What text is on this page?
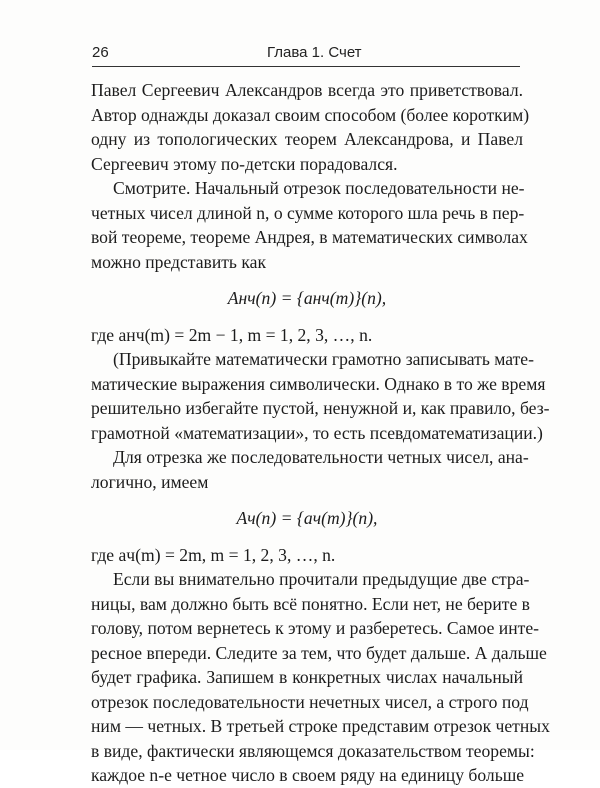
26	Глава 1. Счет
Павел Сергеевич Александров всегда это приветствовал.
Автор однажды доказал своим способом (более коротким)
одну из топологических теорем Александрова, и Павел
Сергеевич этому по-детски порадовался.
Смотрите. Начальный отрезок последовательности не-
четных чисел длиной n, о сумме которого шла речь в пер-
вой теореме, теореме Андрея, в математических символах
можно представить как
Aнч(n) = {aнч(m)}(n),
где aнч(m) = 2m − 1, m = 1, 2, 3, …, n.
(Привыкайте математически грамотно записывать мате-
матические выражения символически. Однако в то же время
решительно избегайте пустой, ненужной и, как правило, без-
грамотной «математизации», то есть псевдоматематизации.)
Для отрезка же последовательности четных чисел, ана-
логично, имеем
Aч(n) = {aч(m)}(n),
где aч(m) = 2m, m = 1, 2, 3, …, n.
Если вы внимательно прочитали предыдущие две стра-
ницы, вам должно быть всё понятно. Если нет, не берите в
голову, потом вернетесь к этому и разберетесь. Самое инте-
ресное впереди. Следите за тем, что будет дальше. А дальше
будет графика. Запишем в конкретных числах начальный
отрезок последовательности нечетных чисел, а строго под
ним — четных. В третьей строке представим отрезок четных
в виде, фактически являющемся доказательством теоремы:
каждое n-е четное число в своем ряду на единицу больше
